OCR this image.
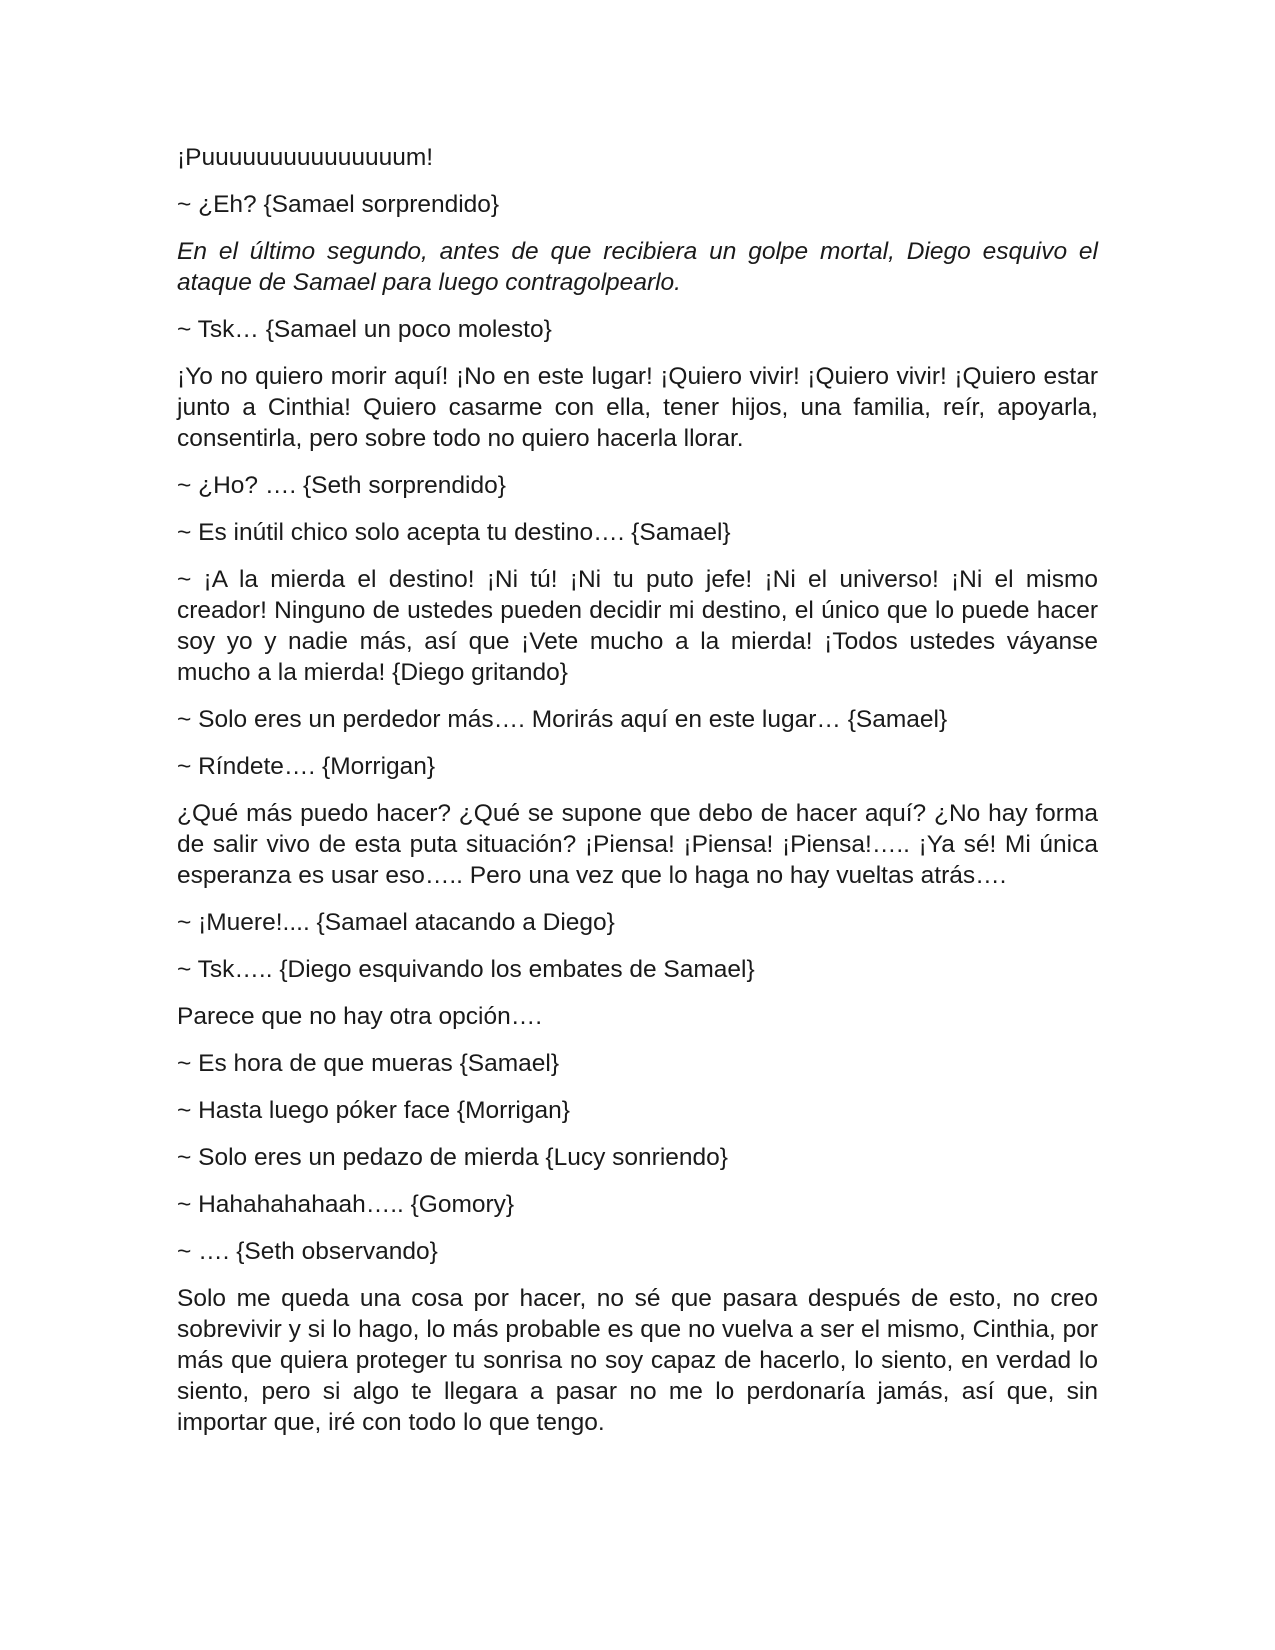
¡Puuuuuuuuuuuuuuum!

~ ¿Eh? {Samael sorprendido}

En el último segundo, antes de que recibiera un golpe mortal, Diego esquivo el ataque de Samael para luego contragolpearlo.

~ Tsk… {Samael un poco molesto}

¡Yo no quiero morir aquí! ¡No en este lugar! ¡Quiero vivir! ¡Quiero vivir! ¡Quiero estar junto a Cinthia! Quiero casarme con ella, tener hijos, una familia, reír, apoyarla, consentirla, pero sobre todo no quiero hacerla llorar.

~ ¿Ho? …. {Seth sorprendido}

~ Es inútil chico solo acepta tu destino…. {Samael}

~ ¡A la mierda el destino! ¡Ni tú! ¡Ni tu puto jefe! ¡Ni el universo! ¡Ni el mismo creador! Ninguno de ustedes pueden decidir mi destino, el único que lo puede hacer soy yo y nadie más, así que ¡Vete mucho a la mierda! ¡Todos ustedes váyanse mucho a la mierda! {Diego gritando}

~ Solo eres un perdedor más…. Morirás aquí en este lugar… {Samael}

~ Ríndete…. {Morrigan}

¿Qué más puedo hacer? ¿Qué se supone que debo de hacer aquí? ¿No hay forma de salir vivo de esta puta situación? ¡Piensa! ¡Piensa! ¡Piensa!….. ¡Ya sé! Mi única esperanza es usar eso….. Pero una vez que lo haga no hay vueltas atrás….

~ ¡Muere!.... {Samael atacando a Diego}

~ Tsk….. {Diego esquivando los embates de Samael}

Parece que no hay otra opción….

~ Es hora de que mueras {Samael}

~ Hasta luego póker face {Morrigan}

~ Solo eres un pedazo de mierda {Lucy sonriendo}

~ Hahahahahaah….. {Gomory}

~ …. {Seth observando}

Solo me queda una cosa por hacer, no sé que pasara después de esto, no creo sobrevivir y si lo hago, lo más probable es que no vuelva a ser el mismo, Cinthia, por más que quiera proteger tu sonrisa no soy capaz de hacerlo, lo siento, en verdad lo siento, pero si algo te llegara a pasar no me lo perdonaría jamás, así que, sin importar que, iré con todo lo que tengo.
